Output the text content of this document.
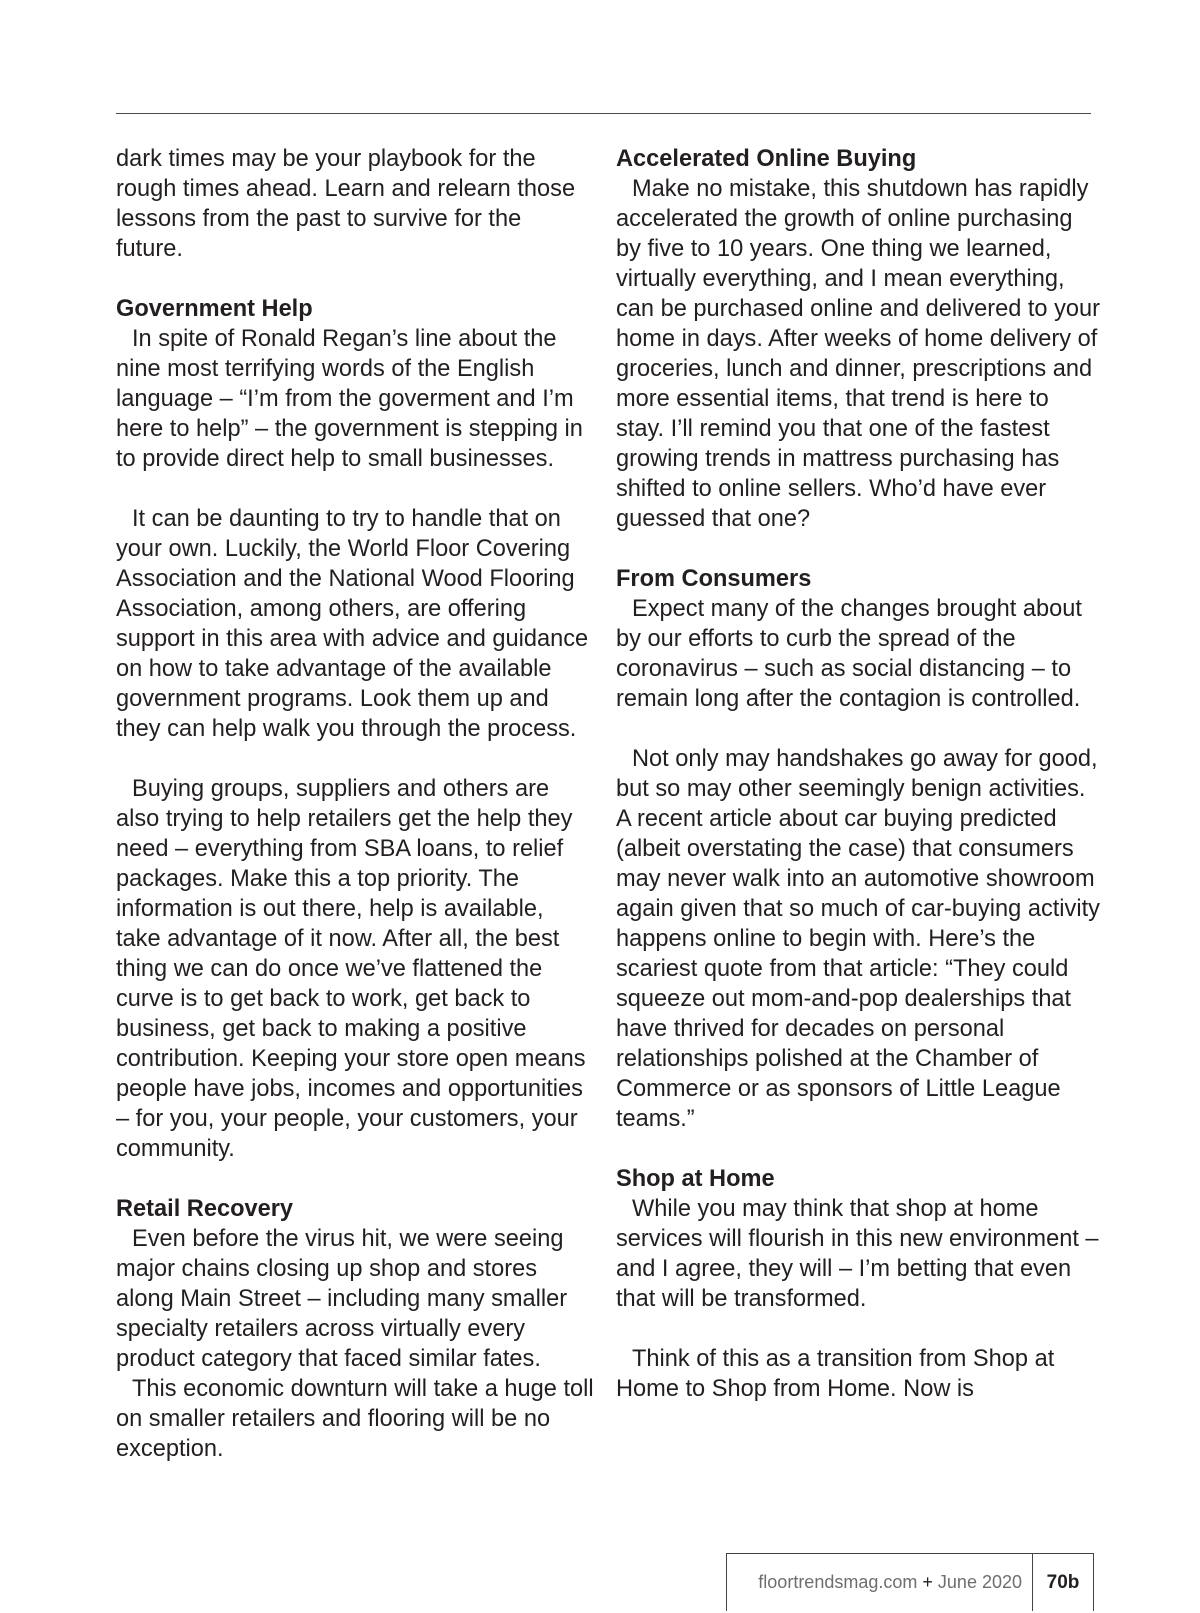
dark times may be your playbook for the rough times ahead. Learn and relearn those lessons from the past to survive for the future.

Government Help

In spite of Ronald Regan’s line about the nine most terrifying words of the English language – “I’m from the goverment and I’m here to help” – the government is stepping in to provide direct help to small businesses.

It can be daunting to try to handle that on your own. Luckily, the World Floor Covering Association and the National Wood Flooring Association, among others, are offering support in this area with advice and guidance on how to take advantage of the available government programs. Look them up and they can help walk you through the process.

Buying groups, suppliers and others are also trying to help retailers get the help they need – everything from SBA loans, to relief packages. Make this a top priority. The information is out there, help is available, take advantage of it now. After all, the best thing we can do once we’ve flattened the curve is to get back to work, get back to business, get back to making a positive contribution. Keeping your store open means people have jobs, incomes and opportunities – for you, your people, your customers, your community.

Retail Recovery

Even before the virus hit, we were seeing major chains closing up shop and stores along Main Street – including many smaller specialty retailers across virtually every product category that faced similar fates.

This economic downturn will take a huge toll on smaller retailers and flooring will be no exception.

Accelerated Online Buying

Make no mistake, this shutdown has rapidly accelerated the growth of online purchasing by five to 10 years. One thing we learned, virtually everything, and I mean everything, can be purchased online and delivered to your home in days. After weeks of home delivery of groceries, lunch and dinner, prescriptions and more essential items, that trend is here to stay. I’ll remind you that one of the fastest growing trends in mattress purchasing has shifted to online sellers. Who’d have ever guessed that one?

From Consumers

Expect many of the changes brought about by our efforts to curb the spread of the coronavirus – such as social distancing – to remain long after the contagion is controlled.

Not only may handshakes go away for good, but so may other seemingly benign activities. A recent article about car buying predicted (albeit overstating the case) that consumers may never walk into an automotive showroom again given that so much of car-buying activity happens online to begin with. Here’s the scariest quote from that article: “They could squeeze out mom-and-pop dealerships that have thrived for decades on personal relationships polished at the Chamber of Commerce or as sponsors of Little League teams.”

Shop at Home

While you may think that shop at home services will flourish in this new environment – and I agree, they will – I’m betting that even that will be transformed.

Think of this as a transition from Shop at Home to Shop from Home. Now is

floortrendsmag.com + June 2020	70b
